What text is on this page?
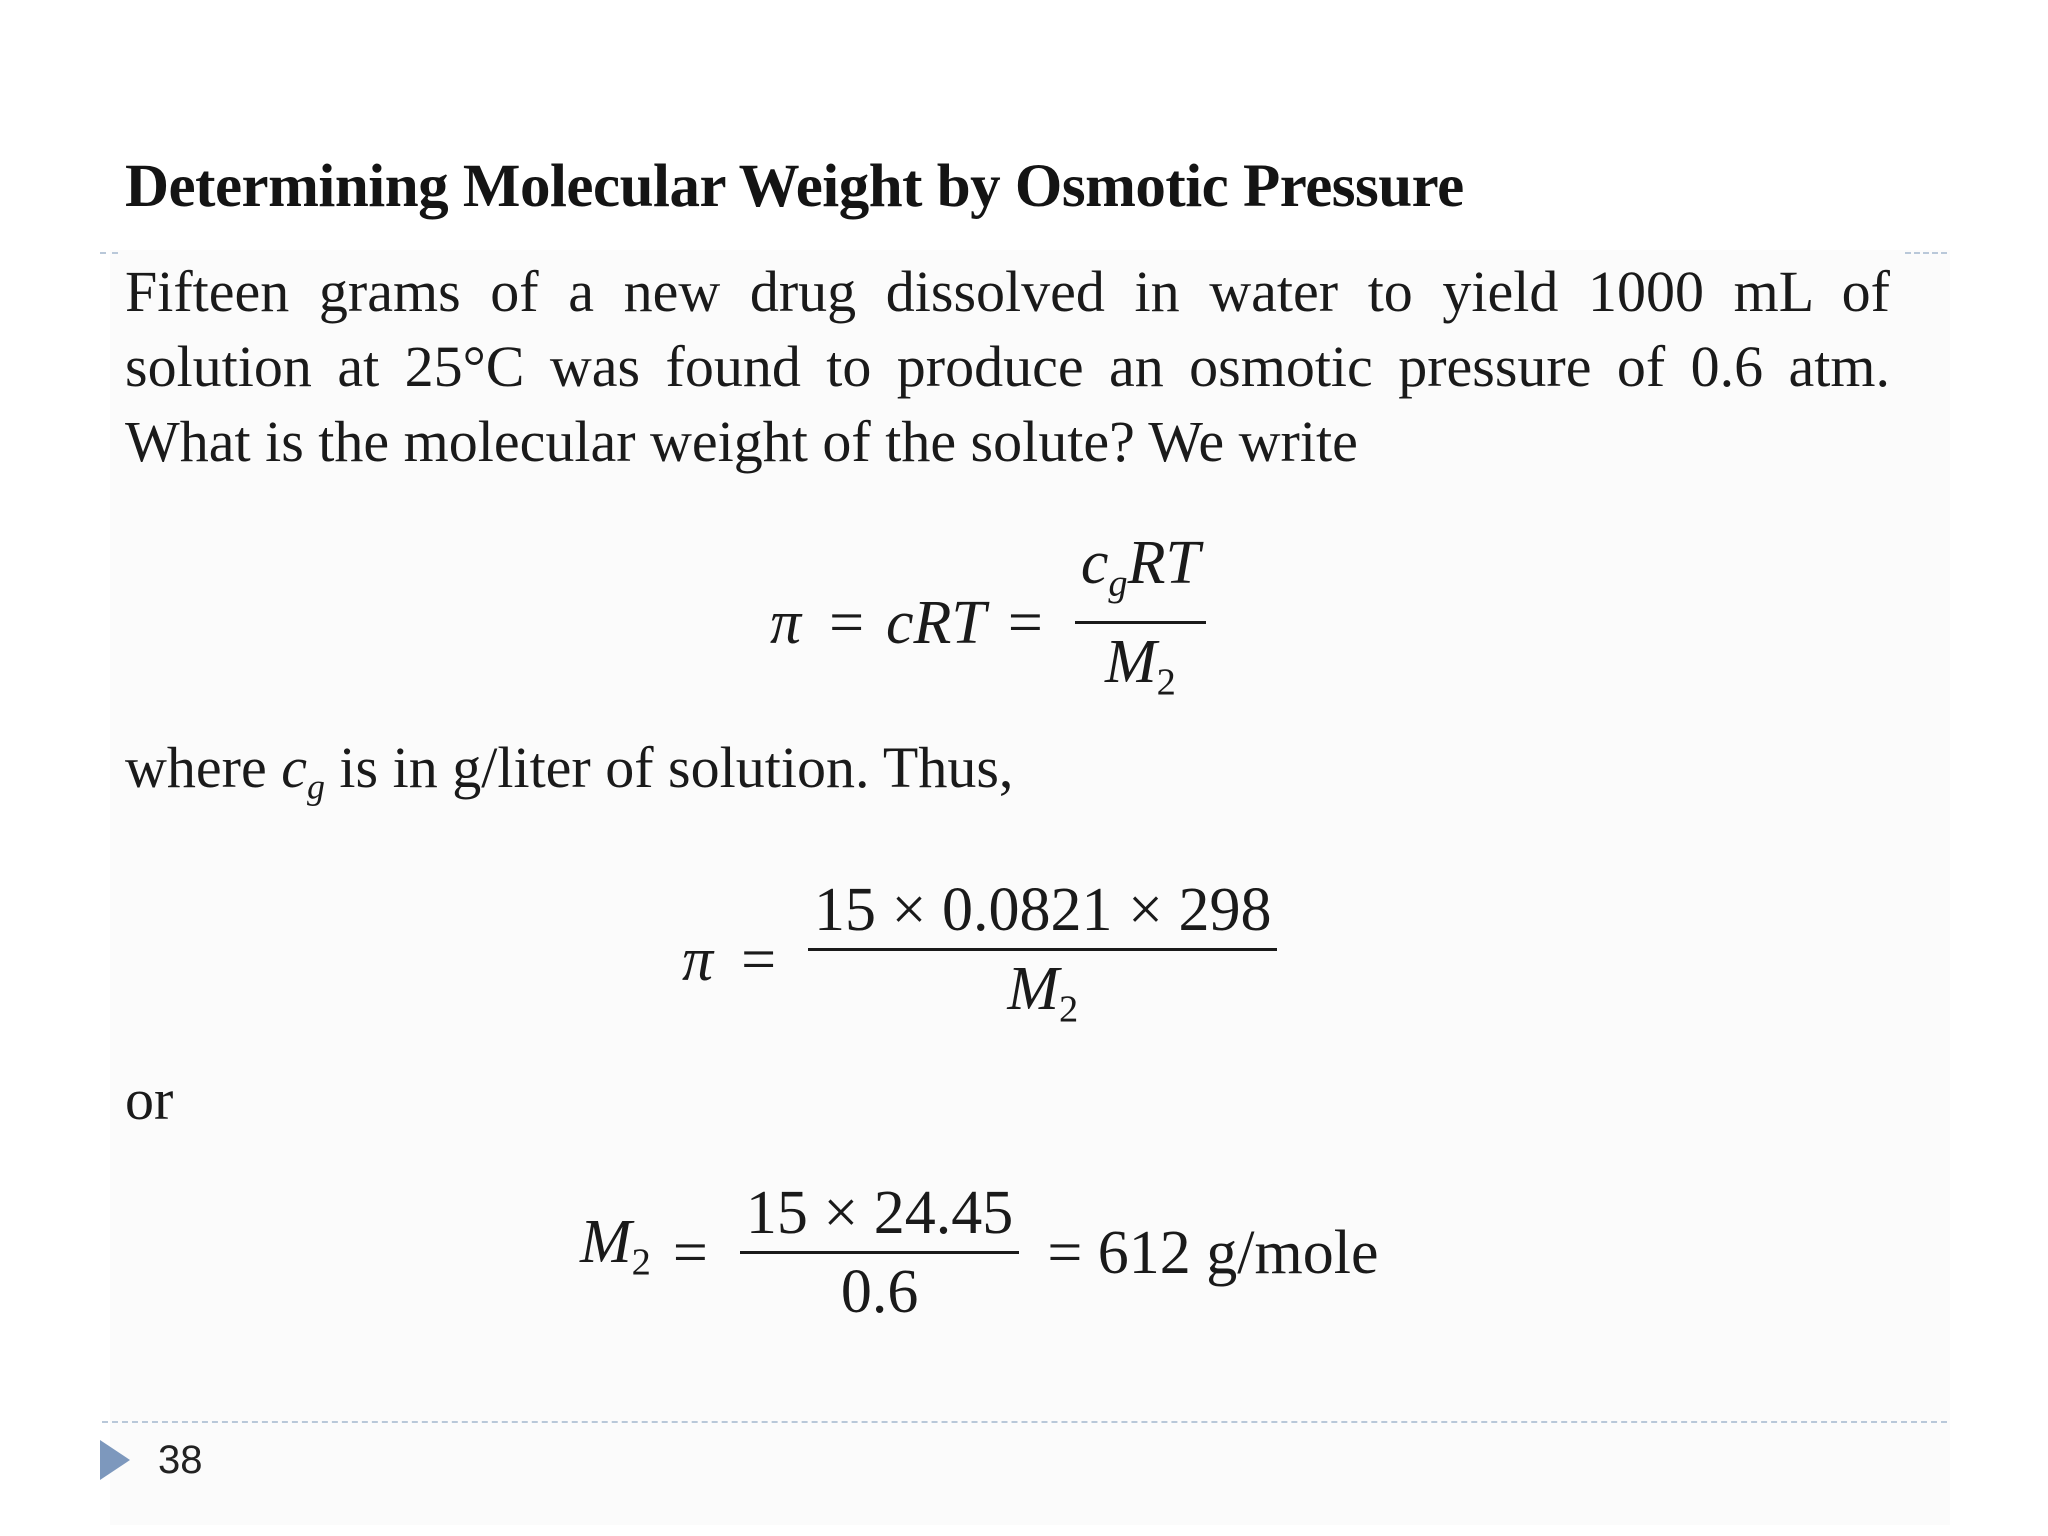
Determining Molecular Weight by Osmotic Pressure
Fifteen grams of a new drug dissolved in water to yield 1000 mL of solution at 25°C was found to produce an osmotic pressure of 0.6 atm. What is the molecular weight of the solute? We write
π = cRT = $\frac{\text{cgRT}}{M_2}$
where cg is in g/liter of solution. Thus,
$\pi = \frac{15 \times 0.0821 \times 298}{M_2}$
or
$M_2 = \frac{15 \times 24.45}{0.6} = 612$ g/mole
38
